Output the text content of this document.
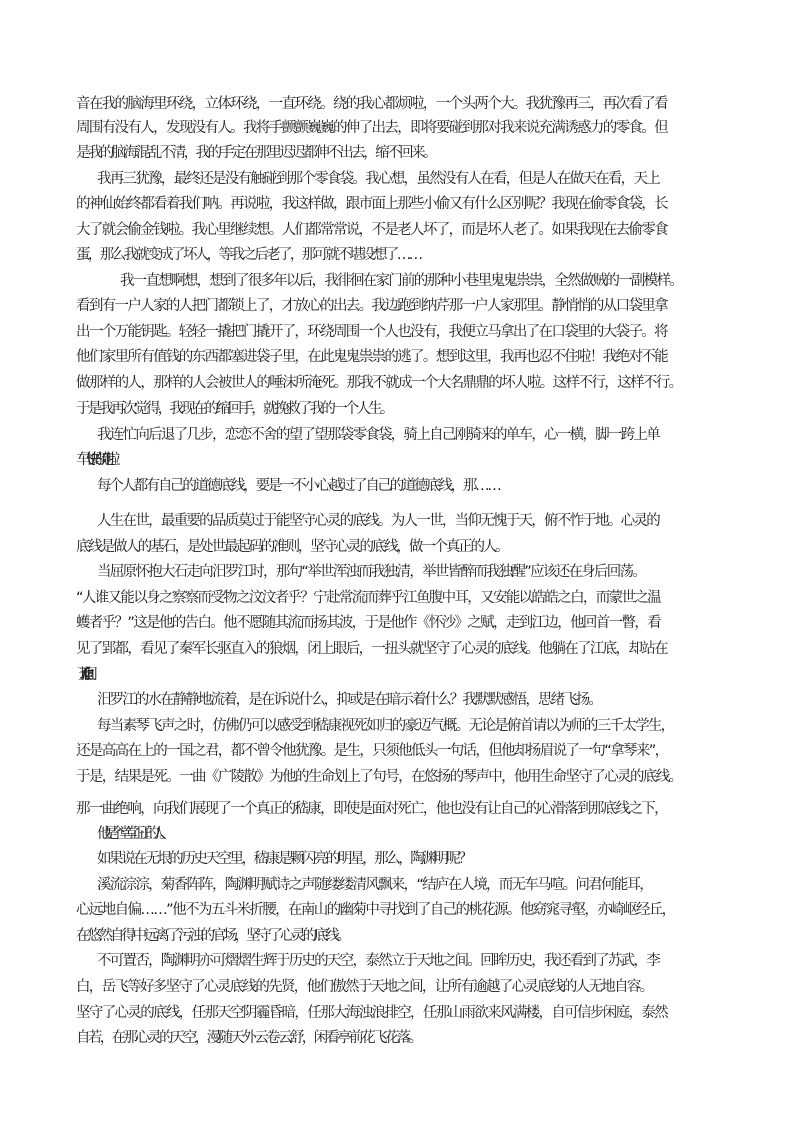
音在我的脑海里环绕，立体环绕，一直环绕。绕的我心都烦啦，一个头两个大。我犹豫再三，再次看了看
周围有没有人，发现没有人。我将手颤颤巍巍的伸了出去，即将要碰到那对我来说充满诱惑力的零食。但
是我的脑海混乱不清，我的手定在那里迟迟都伸不出去，缩不回来。
我再三犹豫，最终还是没有触碰到那个零食袋。我心想，虽然没有人在看，但是人在做天在看，天上
的神仙始终都看着我们呐。再说啦，我这样做，跟市面上那些小偷又有什么区别呢？我现在偷零食袋，长
大了就会偷金钱啦。我心里继续想。人们都常常说，不是老人坏了，而是坏人老了。如果我现在去偷零食
蛋，那么我就变成了坏人，等我之后老了，那可就不堪设想了……
我一直想啊想，想到了很多年以后，我徘徊在家门前的那种小巷里鬼鬼祟祟，全然做贼的一副模样。
看到有一户人家的人把门都锁上了，才放心的出去。我边跑到纳芹那一户人家那里。静悄悄的从口袋里拿
出一个万能钥匙。轻轻一撬把门撬开了，环绕周围一个人也没有，我便立马拿出了在口袋里的大袋子。将
他们家里所有值钱的东西都塞进袋子里，在此鬼鬼祟祟的逃了。想到这里，我再也忍不住啦！我绝对不能
做那样的人，那样的人会被世人的唾沫所淹死。那我不就成一个大名鼎鼎的坏人啦。这样不行，这样不行。
于是我再次觉得，我现在的缩回手，就挽救了我的一个人生。
我连忙向后退了几步，恋恋不舍的望了望那袋零食袋，骑上自己刚骑来的单车，心一横，脚一跨上单
车飞快的骑走啦。
每个人都有自己的道德底线，要是一不小心越过了自己的道德底线，那……
人生在世，最重要的品质莫过于能坚守心灵的底线。为人一世，当仰无愧于天，俯不怍于地。心灵的
底线是做人的基石，是处世最起码的准则，坚守心灵的底线，做一个真正的人。
当屈原怀抱大石走向汨罗江时，那句“举世浑浊而我独清，举世皆醉而我独醒”应该还在身后回荡。
“人谁又能以身之察察而受物之汶汶者乎？宁赴常流而葬乎江鱼腹中耳，又安能以皓皓之白，而蒙世之温
蠖者乎？”这是他的告白。他不愿随其流而扬其波，于是他作《怀沙》之赋，走到江边，他回首一瞥，看
见了郢都，看见了秦军长驱直入的狼烟，闭上眼后，一扭头就坚守了心灵的底线。他躺在了江底，却站在
了天地之间。
汨罗江的水在静静地流着，是在诉说什么，抑或是在暗示着什么？我默默感悟，思绪飞扬。
每当素琴飞声之时，仿佛仍可以感受到嵇康视死如归的豪迈气概。无论是俯首请以为师的三千太学生，
还是高高在上的一国之君，都不曾令他犹豫。是生，只须他低头一句话，但他却扬眉说了一句“拿琴来”，
于是，结果是死。一曲《广陵散》为他的生命划上了句号，在悠扬的琴声中，他用生命坚守了心灵的底线。
那一曲绝响，向我们展现了一个真正的嵇康，即使是面对死亡，他也没有让自己的心滑落到那底线之下，
他是个堂堂正正的人。
如果说在无垠的历史天空里，嵇康是颗闪亮的明星，那么，陶渊明呢？
溪流淙淙，菊香阵阵，陶渊明赋诗之声随缕缕清风飘来，“结庐在人境，而无车马喧。问君何能耳，
心远地自偏……”他不为五斗米折腰，在南山的幽菊中寻找到了自己的桃花源。他窈窕寻壑，亦崎岖经丘，
在悠然自得中远离了污浊的官场，坚守了心灵的底线。
不可置否，陶渊明亦可熠熠生辉于历史的天空，泰然立于天地之间。回眸历史，我还看到了苏武，李
白，岳飞等好多坚守了心灵底线的先贤，他们傲然于天地之间，让所有逾越了心灵底线的人无地自容。
坚守了心灵的底线，任那天空阴霾昏暗，任那大海浊浪排空，任那山雨欲来风满楼，自可信步闲庭，泰然
自若，在那心灵的天空，漫随天外云卷云舒，闲看亭前花飞花落。
